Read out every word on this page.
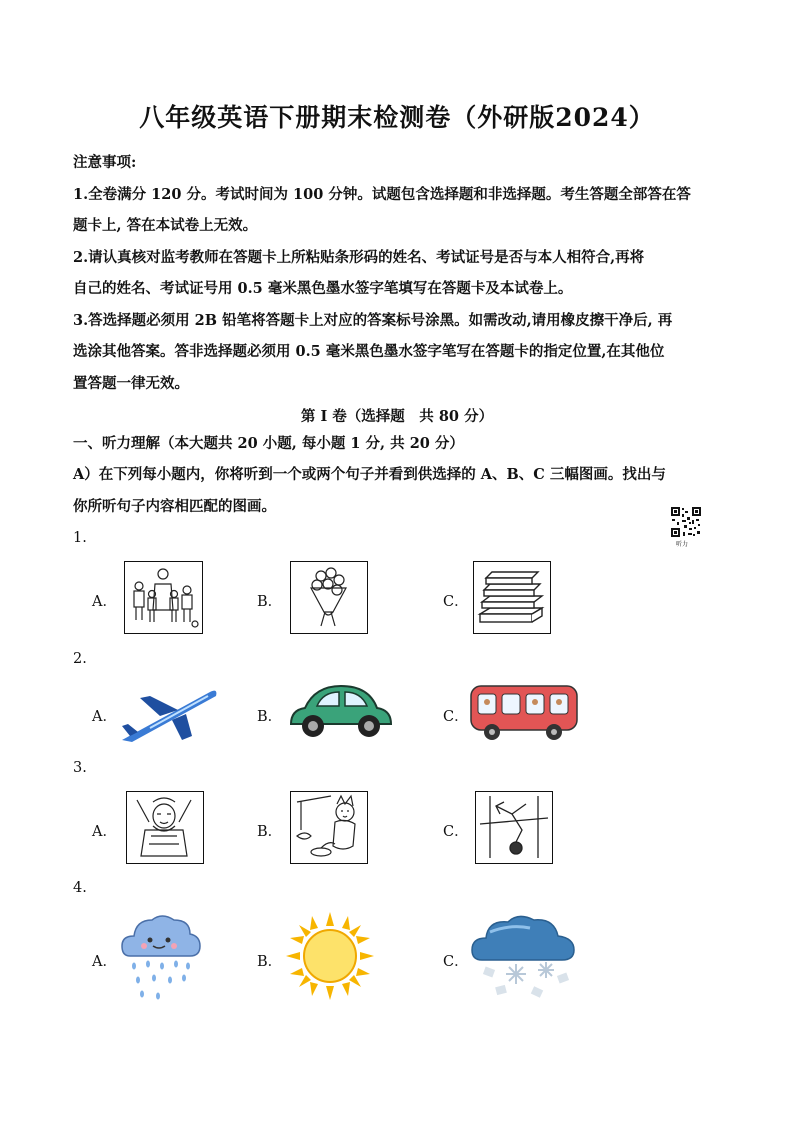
八年级英语下册期末检测卷（外研版2024）
注意事项:
1.全卷满分 120 分。考试时间为 100 分钟。试题包含选择题和非选择题。考生答题全部答在答
题卡上, 答在本试卷上无效。
2.请认真核对监考教师在答题卡上所粘贴条形码的姓名、考试证号是否与本人相符合,再将
自己的姓名、考试证号用 0.5 毫米黑色墨水签字笔填写在答题卡及本试卷上。
3.答选择题必须用 2B 铅笔将答题卡上对应的答案标号涂黑。如需改动,请用橡皮擦干净后, 再
选涂其他答案。答非选择题必须用 0.5 毫米黑色墨水签字笔写在答题卡的指定位置,在其他位
置答题一律无效。
第 I 卷（选择题　共 80 分）
一、听力理解（本大题共 20 小题, 每小题 1 分, 共 20 分）
A）在下列每小题内，你将听到一个或两个句子并看到供选择的 A、B、C 三幅图画。找出与
你所听句子内容相匹配的图画。
听力
1.
A．	B．	C．
2.
A．	B．	C．
3.
A．	B．	C．
4.
A．	B．	C．
